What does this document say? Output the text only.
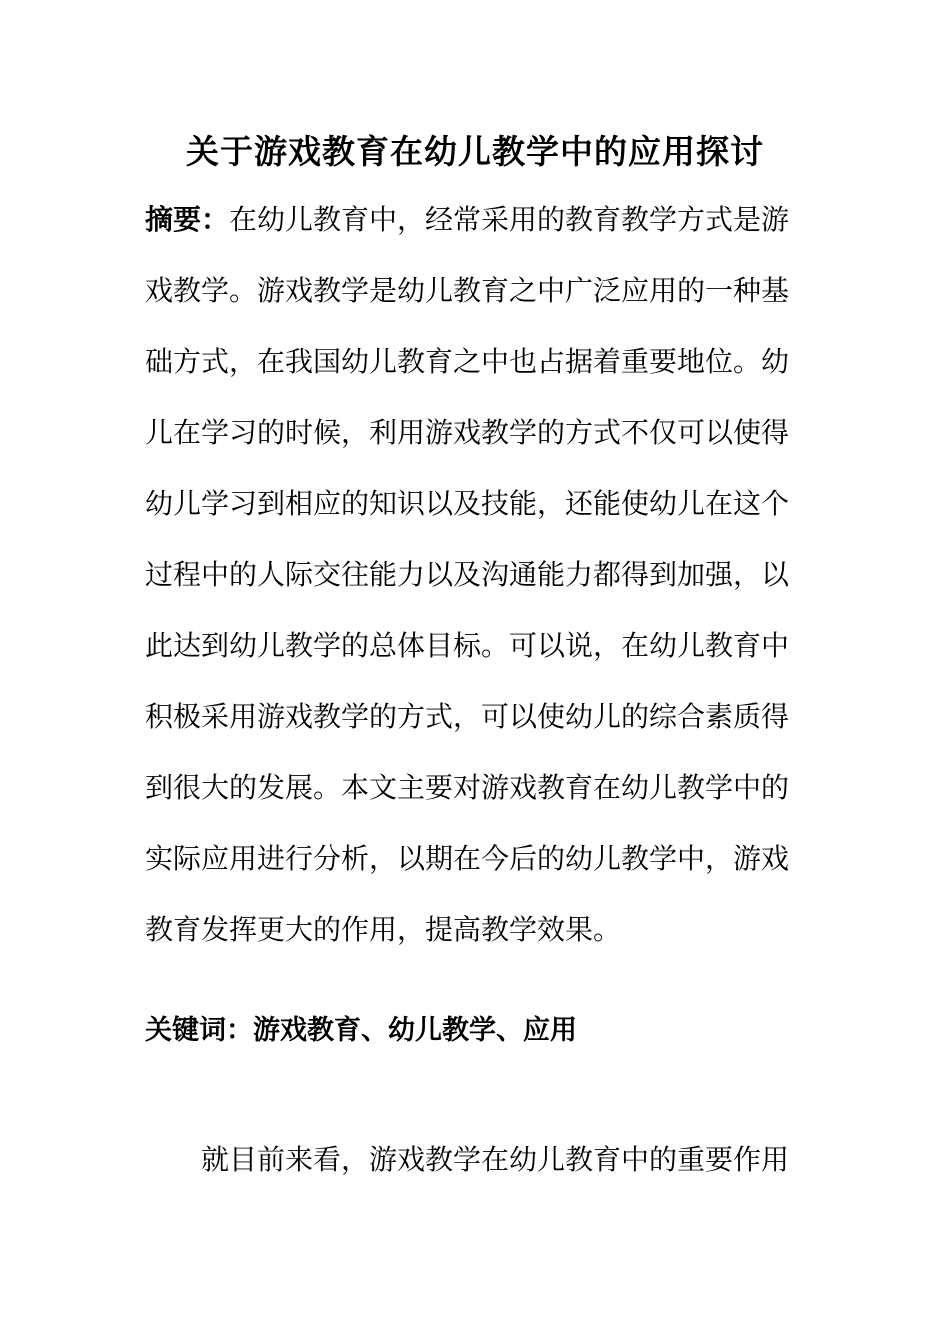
关于游戏教育在幼儿教学中的应用探讨
摘要：在幼儿教育中，经常采用的教育教学方式是游
戏教学。游戏教学是幼儿教育之中广泛应用的一种基
础方式，在我国幼儿教育之中也占据着重要地位。幼
儿在学习的时候，利用游戏教学的方式不仅可以使得
幼儿学习到相应的知识以及技能，还能使幼儿在这个
过程中的人际交往能力以及沟通能力都得到加强，以
此达到幼儿教学的总体目标。可以说，在幼儿教育中
积极采用游戏教学的方式，可以使幼儿的综合素质得
到很大的发展。本文主要对游戏教育在幼儿教学中的
实际应用进行分析，以期在今后的幼儿教学中，游戏
教育发挥更大的作用，提高教学效果。

关键词：游戏教育、幼儿教学、应用

就目前来看，游戏教学在幼儿教育中的重要作用
